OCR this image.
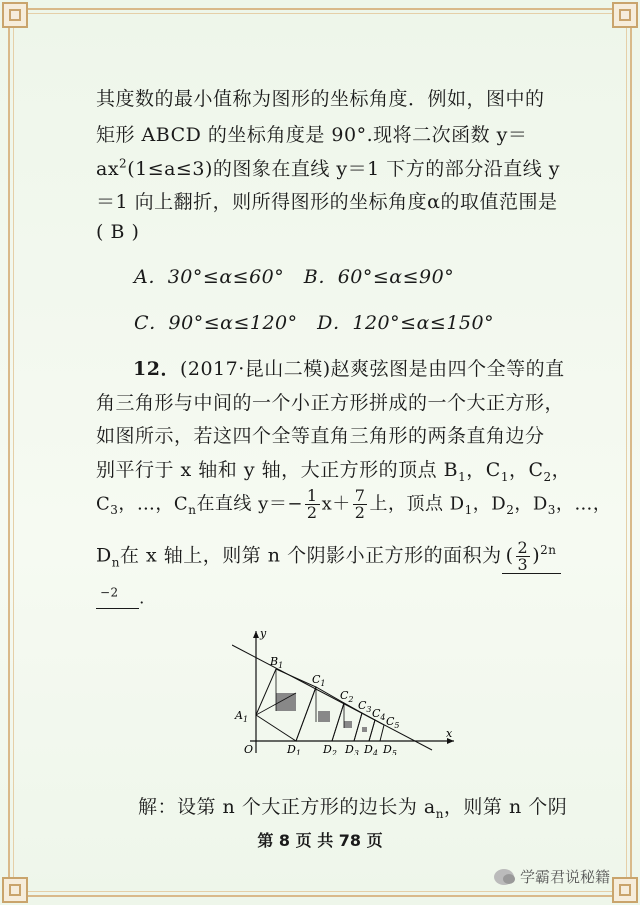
其度数的最小值称为图形的坐标角度．例如，图中的
矩形 ABCD 的坐标角度是 90°.现将二次函数 y＝
$ax^2(1\le a\le 3)$的图象在直线 y＝1 下方的部分沿直线 y
＝1 向上翻折，则所得图形的坐标角度α的取值范围是
( B )
A．30°≤α≤60°　B．60°≤α≤90°
C．90°≤α≤120°　D．120°≤α≤150°
12．(2017·昆山二模)赵爽弦图是由四个全等的直
角三角形与中间的一个小正方形拼成的一个大正方形，
如图所示，若这四个全等直角三角形的两条直角边分
别平行于 x 轴和 y 轴，大正方形的顶点 $B_1$，$C_1$，$C_2$，
$C_3$，…，$C_n$在直线 $y=- \frac{1}{2} x+ \frac{7}{2}$ 上，顶点 $D_1$，$D_2$，$D_3$，…，
$D_n$在 x 轴上，则第 n 个阴影小正方形的面积为 ( $\frac{2}{3} )^{2n}$
$^{-2}$　 ．
y
x
O
$A_1$
$B_1$
$C_1$
$C_2$ $C_3$ $C_4$ $C_5$
$D_1$ $D_2$ $D_3$ $D_4$ $D_5$
解：设第 n 个大正方形的边长为 $a_n$，则第 n 个阴
第 8 页 共 78 页
学霸君说秘籍
